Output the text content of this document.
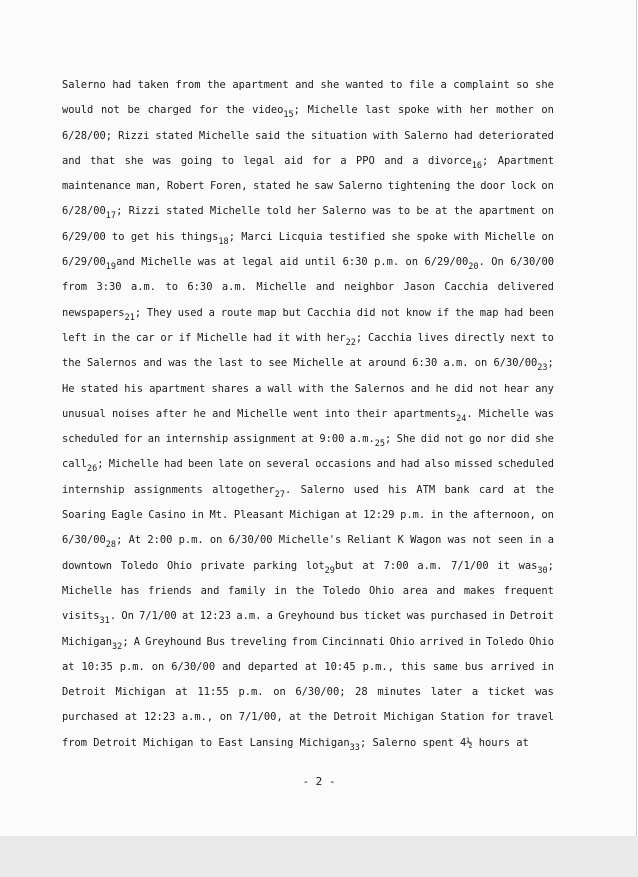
Salerno had taken from the apartment and she wanted to file a complaint so she
would not be charged for the video$_{15}$; Michelle last spoke with her mother on
6/28/00; Rizzi stated Michelle said the situation with Salerno had deteriorated
and that she was going to legal aid for a PPO and a divorce$_{16}$; Apartment
maintenance man, Robert Foren, stated he saw Salerno tightening the door lock on
$6/28/00_{17}$; Rizzi stated Michelle told her Salerno was to be at the apartment on
6/29/00 to get his things$_{18}$; Marci Licquia testified she spoke with Michelle on
$6/29/00_{19}and$ Michelle was at legal aid until 6:30 p.m. on $6/29/00_{20}$. On 6/30/00
from 3:30 a.m. to 6:30 a.m. Michelle and neighbor Jason Cacchia delivered
newspapers$_{21}$; They used a route map but Cacchia did not know if the map had been
left in the car or if Michelle had it with her$_{22}$; Cacchia lives directly next to
the Salernos and was the last to see Michelle at around 6:30 a.m. on $6/30/00_{23}$;
He stated his apartment shares a wall with the Salernos and he did not hear any
unusual noises after he and Michelle went into their apartments$_{24}$. Michelle was
scheduled for an internship assignment at 9:00 $a.m._{25}$; She did not go nor did she
call$_{26}$; Michelle had been late on several occasions and had also missed scheduled
internship assignments altogether$_{27}$. Salerno used his ATM bank card at the
Soaring Eagle Casino in Mt. Pleasant Michigan at 12:29 p.m. in the afternoon, on
$6/30/00_{28}$; At 2:00 p.m. on 6/30/00 Michelle's Reliant K Wagon was not seen in a
downtown Toledo Ohio private parking lot$_{29}$but at 7:00 a.m. 7/1/00 it was$_{30}$;
Michelle has friends and family in the Toledo Ohio area and makes frequent
visits$_{31}$. On 7/1/00 at 12:23 a.m. a Greyhound bus ticket was purchased in Detroit
Michigan$_{32}$; A Greyhound Bus treveling from Cincinnati Ohio arrived in Toledo Ohio
at 10:35 p.m. on 6/30/00 and departed at 10:45 p.m., this same bus arrived in
Detroit Michigan at 11:55 p.m. on 6/30/00; 28 minutes later a ticket was
purchased at 12:23 a.m., on 7/1/00, at the Detroit Michigan Station for travel
from Detroit Michigan to East Lansing Michigan$_{33}$; Salerno spent 4½ hours at
- 2 -
